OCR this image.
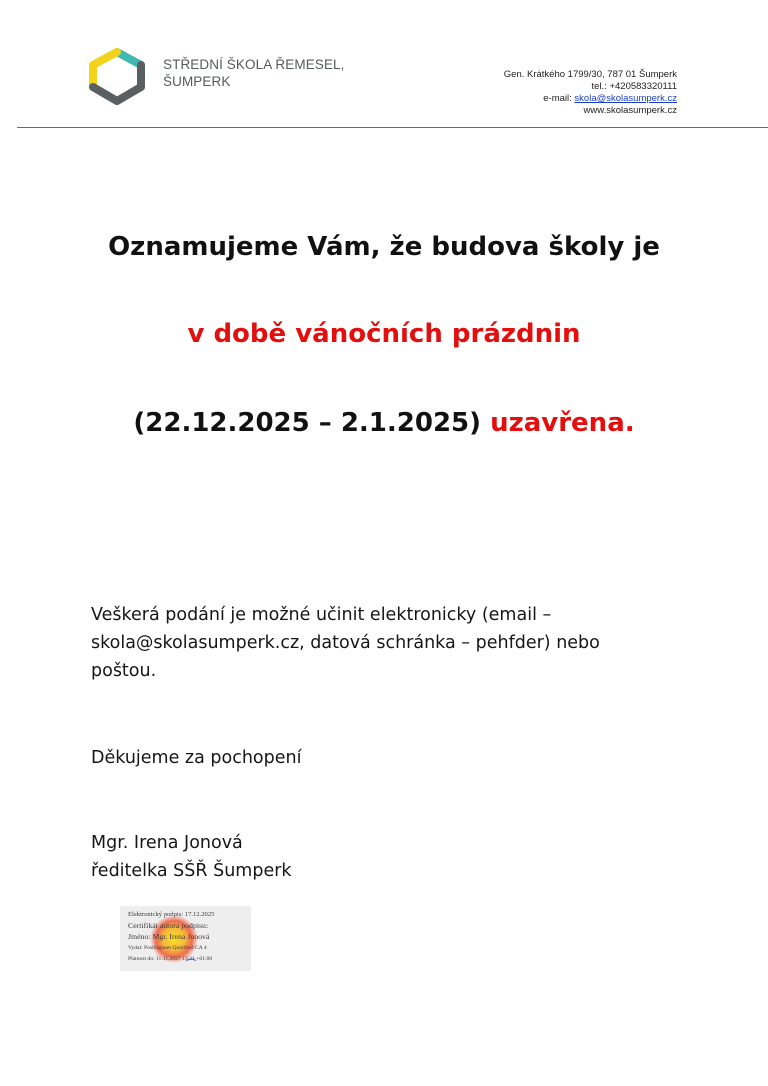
STŘEDNÍ ŠKOLA ŘEMESEL,
ŠUMPERK	Gen. Krátkého 1799/30, 787 01 Šumperk
tel.: +420583320111
e-mail: skola@skolasumperk.cz
www.skolasumperk.cz
Oznamujeme Vám, že budova školy je
v době vánočních prázdnin
(22.12.2025 – 2.1.2025) uzavřena.
Veškerá podání je možné učinit elektronicky (email –
skola@skolasumperk.cz, datová schránka – pehfder) nebo
poštou.
Děkujeme za pochopení
Mgr. Irena Jonová
ředitelka SŠŘ Šumperk
Elektronický podpis: 17.12.2025
Certifikát autora podpisu:
Jméno: Mgr. Irena Jonová
Vydal: PostSignum Qualified CA 4
Platnost do: 11.11.2027 13:21 +01:00
